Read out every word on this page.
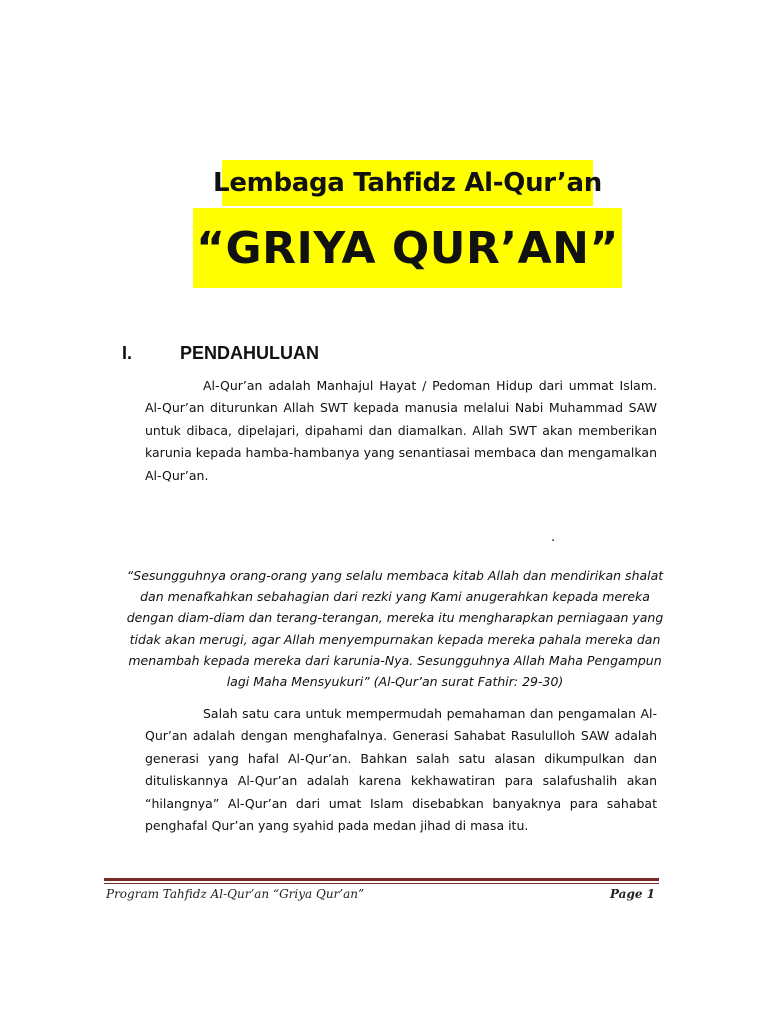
Lembaga Tahfidz Al-Qur’an
“GRIYA QUR’AN”
I.	PENDAHULUAN

Al-Qur’an adalah Manhajul Hayat / Pedoman Hidup dari ummat Islam. Al-Qur’an diturunkan Allah SWT kepada manusia melalui Nabi Muhammad SAW untuk dibaca, dipelajari, dipahami dan diamalkan. Allah SWT akan memberikan karunia kepada hamba-hambanya yang senantiasai membaca dan mengamalkan Al-Qur’an.

.

“Sesungguhnya orang-orang yang selalu membaca kitab Allah dan mendirikan shalat
dan menafkahkan sebahagian dari rezki yang Kami anugerahkan kepada mereka
dengan diam-diam dan terang-terangan, mereka itu mengharapkan perniagaan yang
tidak akan merugi, agar Allah menyempurnakan kepada mereka pahala mereka dan
menambah kepada mereka dari karunia-Nya. Sesungguhnya Allah Maha Pengampun
lagi Maha Mensyukuri” (Al-Qur’an surat Fathir: 29-30)

Salah satu cara untuk mempermudah pemahaman dan pengamalan Al-Qur’an adalah dengan menghafalnya. Generasi Sahabat Rasululloh SAW adalah generasi yang hafal Al-Qur’an. Bahkan salah satu alasan dikumpulkan dan dituliskannya Al-Qur’an adalah karena kekhawatiran para salafushalih akan “hilangnya” Al-Qur’an dari umat Islam disebabkan banyaknya para sahabat penghafal Qur’an yang syahid pada medan jihad di masa itu.

Program Tahfidz Al-Qur’an “Griya Qur’an”	Page 1
